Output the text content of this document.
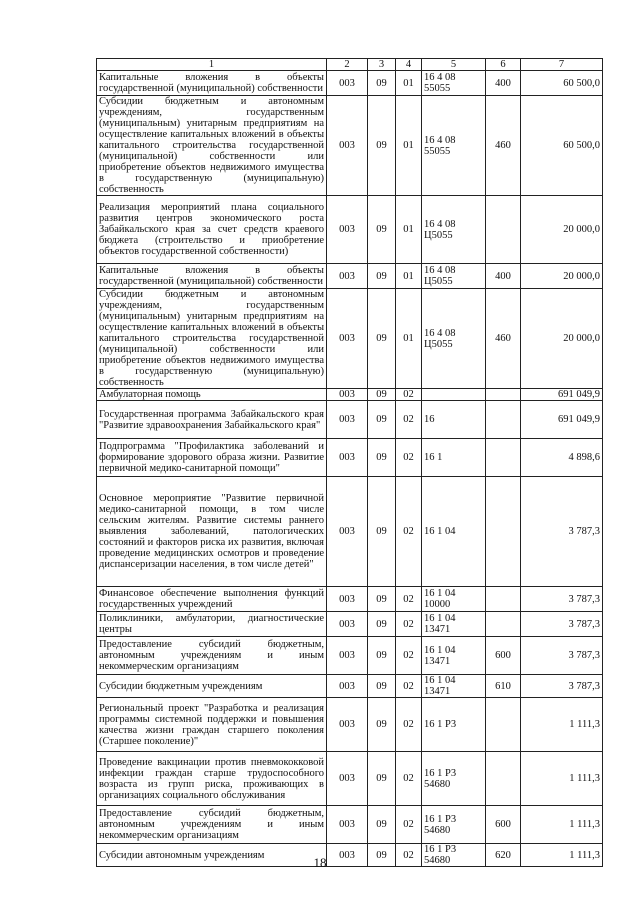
1	2	3	4	5	6	7
Капитальные вложения в объекты государственной (муниципальной) собственности	003	09	01	16 4 08 55055	400	60 500,0
Субсидии бюджетным и автономным учреждениям, государственным (муниципальным) унитарным предприятиям на осуществление капитальных вложений в объекты капитального строительства государственной (муниципальной) собственности или приобретение объектов недвижимого имущества в государственную (муниципальную) собственность	003	09	01	16 4 08 55055	460	60 500,0
Реализация мероприятий плана социального развития центров экономического роста Забайкальского края за счет средств краевого бюджета (строительство и приобретение объектов государственной собственности)	003	09	01	16 4 08 Ц5055		20 000,0
Капитальные вложения в объекты государственной (муниципальной) собственности	003	09	01	16 4 08 Ц5055	400	20 000,0
Субсидии бюджетным и автономным учреждениям, государственным (муниципальным) унитарным предприятиям на осуществление капитальных вложений в объекты капитального строительства государственной (муниципальной) собственности или приобретение объектов недвижимого имущества в государственную (муниципальную) собственность	003	09	01	16 4 08 Ц5055	460	20 000,0
Амбулаторная помощь	003	09	02			691 049,9
Государственная программа Забайкальского края "Развитие здравоохранения Забайкальского края"	003	09	02	16		691 049,9
Подпрограмма "Профилактика заболеваний и формирование здорового образа жизни. Развитие первичной медико-санитарной помощи"	003	09	02	16 1		4 898,6
Основное мероприятие "Развитие первичной медико-санитарной помощи, в том числе сельским жителям. Развитие системы раннего выявления заболеваний, патологических состояний и факторов риска их развития, включая проведение медицинских осмотров и проведение диспансеризации населения, в том числе детей"	003	09	02	16 1 04		3 787,3
Финансовое обеспечение выполнения функций государственных учреждений	003	09	02	16 1 04 10000		3 787,3
Поликлиники, амбулатории, диагностические центры	003	09	02	16 1 04 13471		3 787,3
Предоставление субсидий бюджетным, автономным учреждениям и иным некоммерческим организациям	003	09	02	16 1 04 13471	600	3 787,3
Субсидии бюджетным учреждениям	003	09	02	16 1 04 13471	610	3 787,3
Региональный проект "Разработка и реализация программы системной поддержки и повышения качества жизни граждан старшего поколения (Старшее поколение)"	003	09	02	16 1 Р3		1 111,3
Проведение вакцинации против пневмококковой инфекции граждан старше трудоспособного возраста из групп риска, проживающих в организациях социального обслуживания	003	09	02	16 1 Р3 54680		1 111,3
Предоставление субсидий бюджетным, автономным учреждениям и иным некоммерческим организациям	003	09	02	16 1 Р3 54680	600	1 111,3
Субсидии автономным учреждениям	003	09	02	16 1 Р3 54680	620	1 111,3
18
